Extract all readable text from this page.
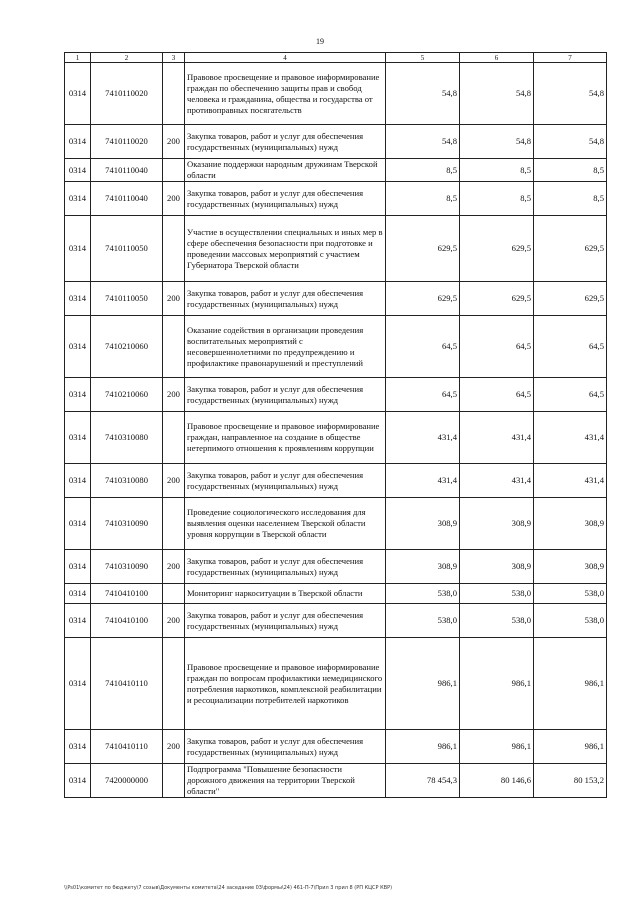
19
1	2	3	4	5	6	7
0314	7410110020		Правовое просвещение и правовое информирование граждан по обеспечению защиты прав и свобод человека и гражданина, общества и государства от противоправных посягательств	54,8	54,8	54,8
0314	7410110020	200	Закупка товаров, работ и услуг для обеспечения государственных (муниципальных) нужд	54,8	54,8	54,8
0314	7410110040		Оказание поддержки народным дружинам Тверской области	8,5	8,5	8,5
0314	7410110040	200	Закупка товаров, работ и услуг для обеспечения государственных (муниципальных) нужд	8,5	8,5	8,5
0314	7410110050		Участие в осуществлении специальных и иных мер в сфере обеспечения безопасности при подготовке и проведении массовых мероприятий с участием Губернатора Тверской области	629,5	629,5	629,5
0314	7410110050	200	Закупка товаров, работ и услуг для обеспечения государственных (муниципальных) нужд	629,5	629,5	629,5
0314	7410210060		Оказание содействия в организации проведения воспитательных мероприятий с несовершеннолетними по предупреждению и профилактике правонарушений и преступлений	64,5	64,5	64,5
0314	7410210060	200	Закупка товаров, работ и услуг для обеспечения государственных (муниципальных) нужд	64,5	64,5	64,5
0314	7410310080		Правовое просвещение и правовое информирование граждан, направленное на создание в обществе нетерпимого отношения к проявлениям коррупции	431,4	431,4	431,4
0314	7410310080	200	Закупка товаров, работ и услуг для обеспечения государственных (муниципальных) нужд	431,4	431,4	431,4
0314	7410310090		Проведение социологического исследования для выявления оценки населением Тверской области уровня коррупции в Тверской области	308,9	308,9	308,9
0314	7410310090	200	Закупка товаров, работ и услуг для обеспечения государственных (муниципальных) нужд	308,9	308,9	308,9
0314	7410410100		Мониторинг наркоситуации в Тверской области	538,0	538,0	538,0
0314	7410410100	200	Закупка товаров, работ и услуг для обеспечения государственных (муниципальных) нужд	538,0	538,0	538,0
0314	7410410110		Правовое просвещение и правовое информирование граждан по вопросам профилактики немедицинского потребления наркотиков, комплексной реабилитации и ресоциализации потребителей наркотиков	986,1	986,1	986,1
0314	7410410110	200	Закупка товаров, работ и услуг для обеспечения государственных (муниципальных) нужд	986,1	986,1	986,1
0314	7420000000		Подпрограмма "Повышение безопасности дорожного движения на территории Тверской области"	78 454,3	80 146,6	80 153,2
\\Ps01\комитет по бюджету\7 созыв\Документы комитета\24 заседание 03\формы\24) 461-П-7\Прил 3 прил 8 (РП КЦСР КВР)
